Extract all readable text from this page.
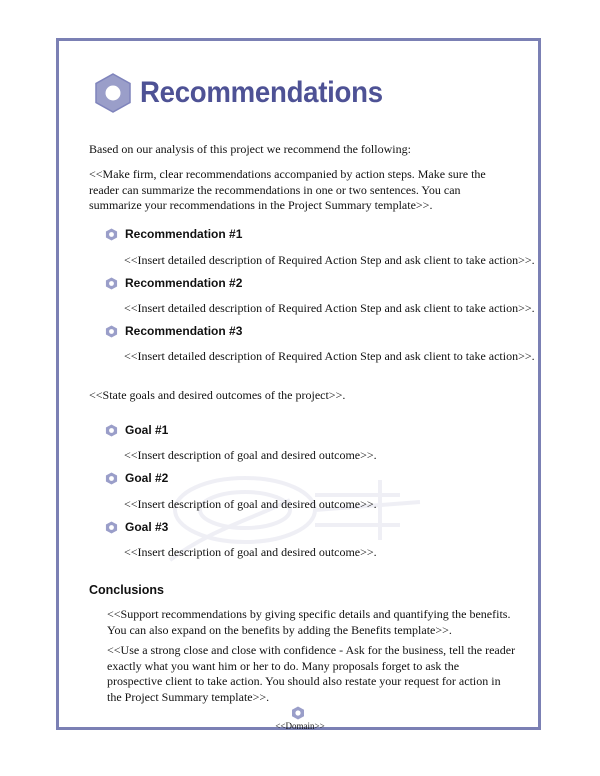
Recommendations
Based on our analysis of this project we recommend the following:
<<Make firm, clear recommendations accompanied by action steps. Make sure the reader can summarize the recommendations in one or two sentences. You can summarize your recommendations in the Project Summary template>>.
Recommendation #1
<<Insert detailed description of Required Action Step and ask client to take action>>.
Recommendation #2
<<Insert detailed description of Required Action Step and ask client to take action>>.
Recommendation #3
<<Insert detailed description of Required Action Step and ask client to take action>>.
<<State goals and desired outcomes of the project>>.
Goal #1
<<Insert description of goal and desired outcome>>.
Goal #2
<<Insert description of goal and desired outcome>>.
Goal #3
<<Insert description of goal and desired outcome>>.
Conclusions
<<Support recommendations by giving specific details and quantifying the benefits. You can also expand on the benefits by adding the Benefits template>>.
<<Use a strong close and close with confidence - Ask for the business, tell the reader exactly what you want him or her to do. Many proposals forget to ask the prospective client to take action. You should also restate your request for action in the Project Summary template>>.
<<Domain>>
